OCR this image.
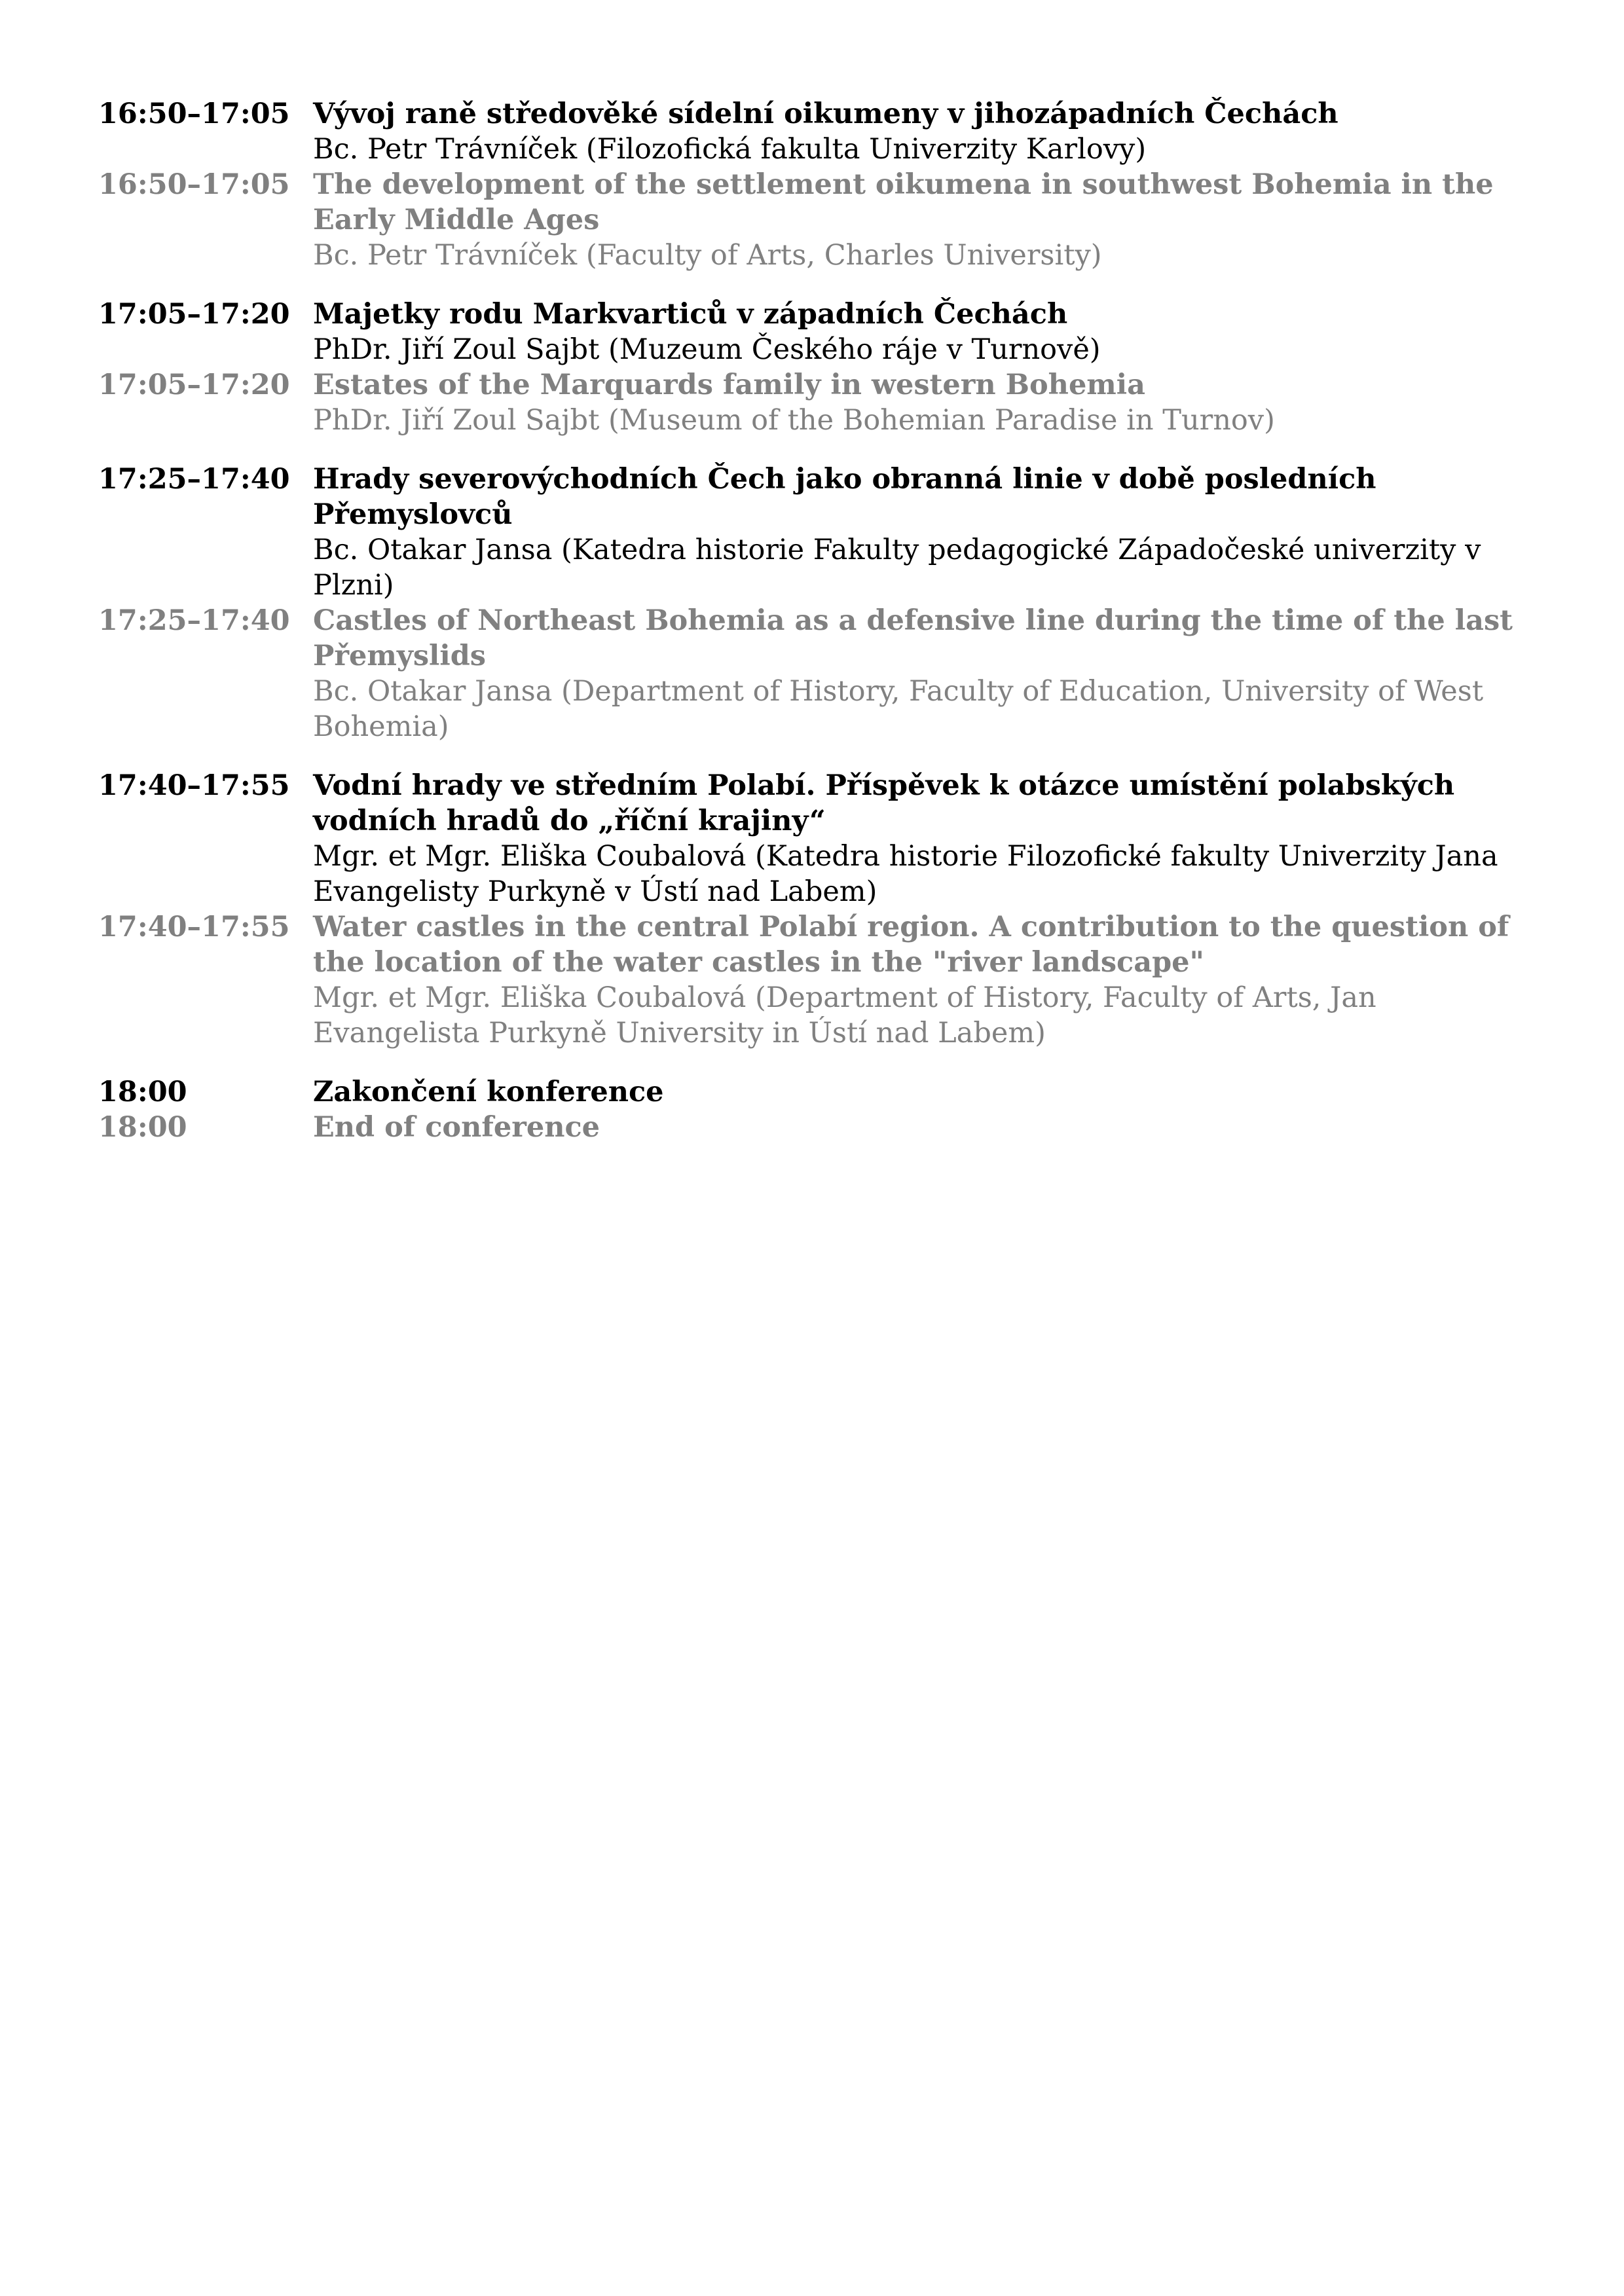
16:50–17:05 Vývoj raně středověké sídelní oikumeny v jihozápadních Čechách
Bc. Petr Trávníček (Filozofická fakulta Univerzity Karlovy)
16:50–17:05 The development of the settlement oikumena in southwest Bohemia in the Early Middle Ages
Bc. Petr Trávníček (Faculty of Arts, Charles University)
17:05–17:20 Majetky rodu Markvarticů v západních Čechách
PhDr. Jiří Zoul Sajbt (Muzeum Českého ráje v Turnově)
17:05–17:20 Estates of the Marquards family in western Bohemia
PhDr. Jiří Zoul Sajbt (Museum of the Bohemian Paradise in Turnov)
17:25–17:40 Hrady severovýchodních Čech jako obranná linie v době posledních Přemyslovců
Bc. Otakar Jansa (Katedra historie Fakulty pedagogické Západočeské univerzity v Plzni)
17:25–17:40 Castles of Northeast Bohemia as a defensive line during the time of the last Přemyslids
Bc. Otakar Jansa (Department of History, Faculty of Education, University of West Bohemia)
17:40–17:55 Vodní hrady ve středním Polabí. Příspěvek k otázce umístění polabských vodních hradů do „říční krajiny“
Mgr. et Mgr. Eliška Coubalová (Katedra historie Filozofické fakulty Univerzity Jana Evangelisty Purkyně v Ústí nad Labem)
17:40–17:55 Water castles in the central Polabí region. A contribution to the question of the location of the water castles in the "river landscape"
Mgr. et Mgr. Eliška Coubalová (Department of History, Faculty of Arts, Jan Evangelista Purkyně University in Ústí nad Labem)
18:00	Zakončení konference
18:00	End of conference
